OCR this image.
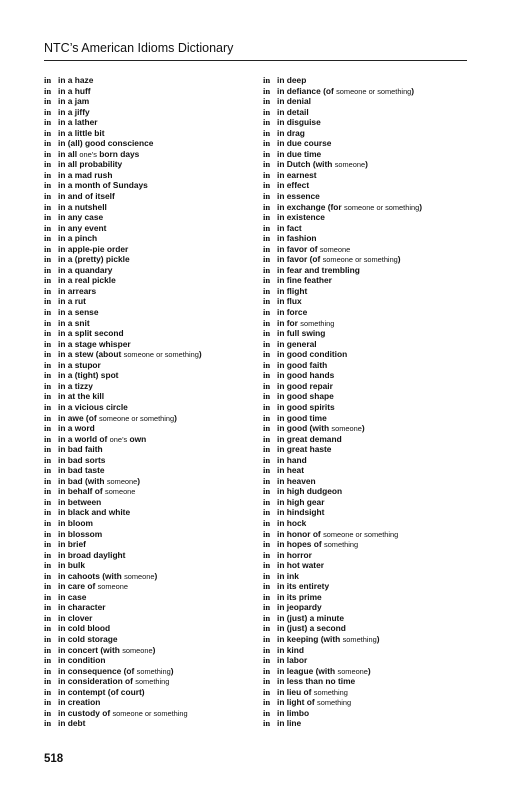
NTC’s American Idioms Dictionary
in in a haze
in in a huff
in in a jam
in in a jiffy
in in a lather
in in a little bit
in in (all) good conscience
in in all one’s born days
in in all probability
in in a mad rush
in in a month of Sundays
in in and of itself
in in a nutshell
in in any case
in in any event
in in a pinch
in in apple-pie order
in in a (pretty) pickle
in in a quandary
in in a real pickle
in in arrears
in in a rut
in in a sense
in in a snit
in in a split second
in in a stage whisper
in in a stew (about someone or something)
in in a stupor
in in a (tight) spot
in in a tizzy
in in at the kill
in in a vicious circle
in in awe (of someone or something)
in in a word
in in a world of one’s own
in in bad faith
in in bad sorts
in in bad taste
in in bad (with someone)
in in behalf of someone
in in between
in in black and white
in in bloom
in in blossom
in in brief
in in broad daylight
in in bulk
in in cahoots (with someone)
in in care of someone
in in case
in in character
in in clover
in in cold blood
in in cold storage
in in concert (with someone)
in in condition
in in consequence (of something)
in in consideration of something
in in contempt (of court)
in in creation
in in custody of someone or something
in in debt
in in deep
in in defiance (of someone or something)
in in denial
in in detail
in in disguise
in in drag
in in due course
in in due time
in in Dutch (with someone)
in in earnest
in in effect
in in essence
in in exchange (for someone or something)
in in existence
in in fact
in in fashion
in in favor of someone
in in favor (of someone or something)
in in fear and trembling
in in fine feather
in in flight
in in flux
in in force
in in for something
in in full swing
in in general
in in good condition
in in good faith
in in good hands
in in good repair
in in good shape
in in good spirits
in in good time
in in good (with someone)
in in great demand
in in great haste
in in hand
in in heat
in in heaven
in in high dudgeon
in in high gear
in in hindsight
in in hock
in in honor of someone or something
in in hopes of something
in in horror
in in hot water
in in ink
in in its entirety
in in its prime
in in jeopardy
in in (just) a minute
in in (just) a second
in in keeping (with something)
in in kind
in in labor
in in league (with someone)
in in less than no time
in in lieu of something
in in light of something
in in limbo
in in line
518
